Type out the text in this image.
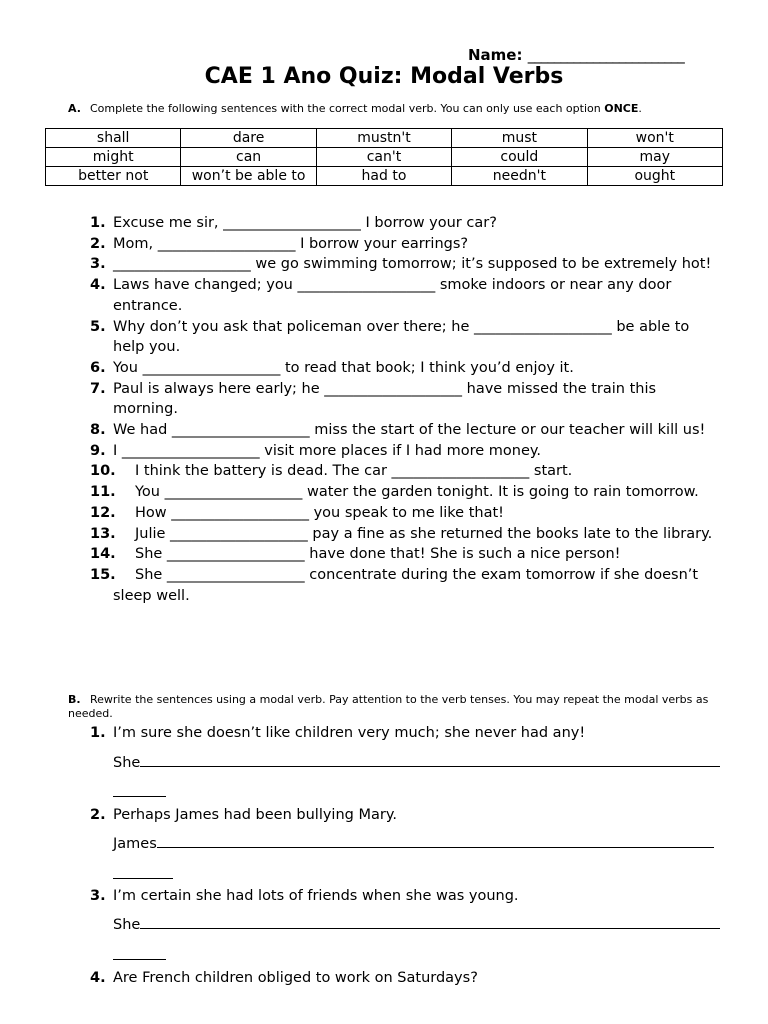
Name: ________________________
CAE 1 Ano Quiz: Modal Verbs
A. Complete the following sentences with the correct modal verb. You can only use each option ONCE.
shall	dare	mustn't	must	won't
might	can	can't	could	may
better not	won’t be able to	had to	needn't	ought
1. Excuse me sir, ___________________ I borrow your car?
2. Mom, ___________________ I borrow your earrings?
3. ___________________ we go swimming tomorrow; it’s supposed to be extremely hot!
4. Laws have changed; you ___________________ smoke indoors or near any door entrance.
5. Why don’t you ask that policeman over there; he ___________________ be able to help you.
6. You ___________________ to read that book; I think you’d enjoy it.
7. Paul is always here early; he ___________________ have missed the train this morning.
8. We had ___________________ miss the start of the lecture or our teacher will kill us!
9. I ___________________ visit more places if I had more money.
10. I think the battery is dead. The car ___________________ start.
11. You ___________________ water the garden tonight. It is going to rain tomorrow.
12. How ___________________ you speak to me like that!
13. Julie ___________________ pay a fine as she returned the books late to the library.
14. She ___________________ have done that! She is such a nice person!
15. She ___________________ concentrate during the exam tomorrow if she doesn’t sleep well.
B. Rewrite the sentences using a modal verb. Pay attention to the verb tenses. You may repeat the modal verbs as needed.
1. I’m sure she doesn’t like children very much; she never had any!
She
2. Perhaps James had been bullying Mary.
James
3. I’m certain she had lots of friends when she was young.
She
4. Are French children obliged to work on Saturdays?
